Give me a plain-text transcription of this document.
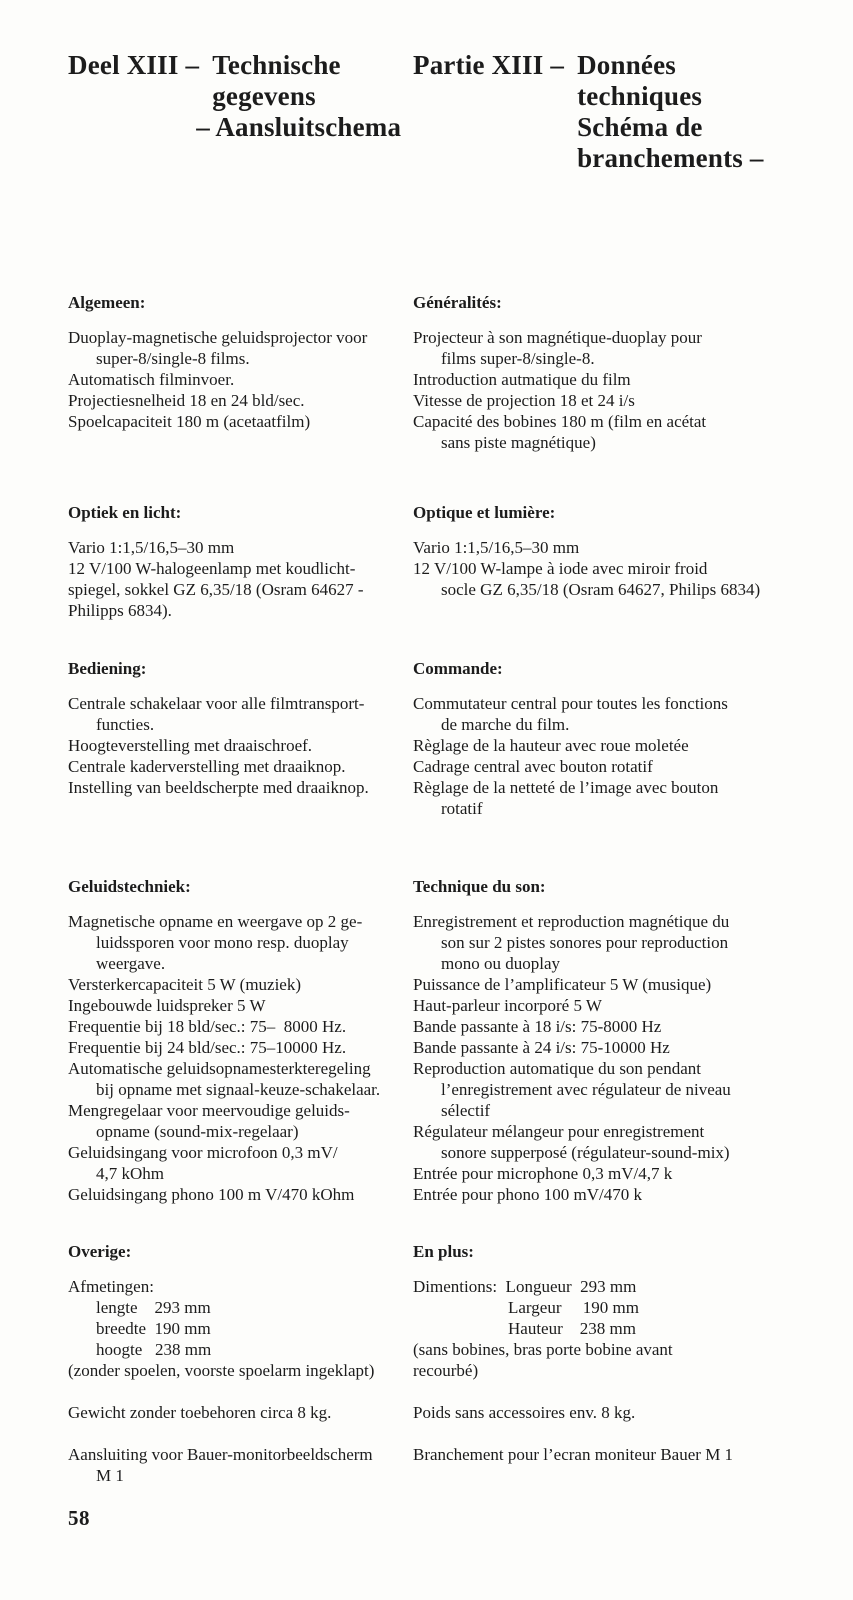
Deel XIII – Technische
gegevens
– Aansluitschema
Partie XIII – Données
techniques
Schéma de
branchements –
Algemeen:
Duoplay-magnetische geluidsprojector voor
super-8/single-8 films.
Automatisch filminvoer.
Projectiesnelheid 18 en 24 bld/sec.
Spoelcapaciteit 180 m (acetaatfilm)
Généralités:
Projecteur à son magnétique-duoplay pour
films super-8/single-8.
Introduction autmatique du film
Vitesse de projection 18 et 24 i/s
Capacité des bobines 180 m (film en acétat
sans piste magnétique)
Optiek en licht:
Vario 1:1,5/16,5–30 mm
12 V/100 W-halogeenlamp met koudlicht-
spiegel, sokkel GZ 6,35/18 (Osram 64627 -
Philipps 6834).
Optique et lumière:
Vario 1:1,5/16,5–30 mm
12 V/100 W-lampe à iode avec miroir froid
socle GZ 6,35/18 (Osram 64627, Philips 6834)
Bediening:
Centrale schakelaar voor alle filmtransport-
functies.
Hoogteverstelling met draaischroef.
Centrale kaderverstelling met draaiknop.
Instelling van beeldscherpte med draaiknop.
Commande:
Commutateur central pour toutes les fonctions
de marche du film.
Règlage de la hauteur avec roue moletée
Cadrage central avec bouton rotatif
Règlage de la netteté de l’image avec bouton
rotatif
Geluidstechniek:
Magnetische opname en weergave op 2 ge-
luidssporen voor mono resp. duoplay
weergave.
Versterkercapaciteit 5 W (muziek)
Ingebouwde luidspreker 5 W
Frequentie bij 18 bld/sec.: 75–  8000 Hz.
Frequentie bij 24 bld/sec.: 75–10000 Hz.
Automatische geluidsopnamesterkteregeling
bij opname met signaal-keuze-schakelaar.
Mengregelaar voor meervoudige geluids-
opname (sound-mix-regelaar)
Geluidsingang voor microfoon 0,3 mV/
4,7 kOhm
Geluidsingang phono 100 m V/470 kOhm
Technique du son:
Enregistrement et reproduction magnétique du
son sur 2 pistes sonores pour reproduction
mono ou duoplay
Puissance de l’amplificateur 5 W (musique)
Haut-parleur incorporé 5 W
Bande passante à 18 i/s: 75-8000 Hz
Bande passante à 24 i/s: 75-10000 Hz
Reproduction automatique du son pendant
l’enregistrement avec régulateur de niveau
sélectif
Régulateur mélangeur pour enregistrement
sonore supperposé (régulateur-sound-mix)
Entrée pour microphone 0,3 mV/4,7 k
Entrée pour phono 100 mV/470 k
Overige:
Afmetingen:
lengte    293 mm
breedte  190 mm
hoogte   238 mm
(zonder spoelen, voorste spoelarm ingeklapt)
Gewicht zonder toebehoren circa 8 kg.
Aansluiting voor Bauer-monitorbeeldscherm
M 1
En plus:
Dimentions:  Longueur  293 mm
Largeur     190 mm
Hauteur    238 mm
(sans bobines, bras porte bobine avant
recourbé)
Poids sans accessoires env. 8 kg.
Branchement pour l’ecran moniteur Bauer M 1
58
